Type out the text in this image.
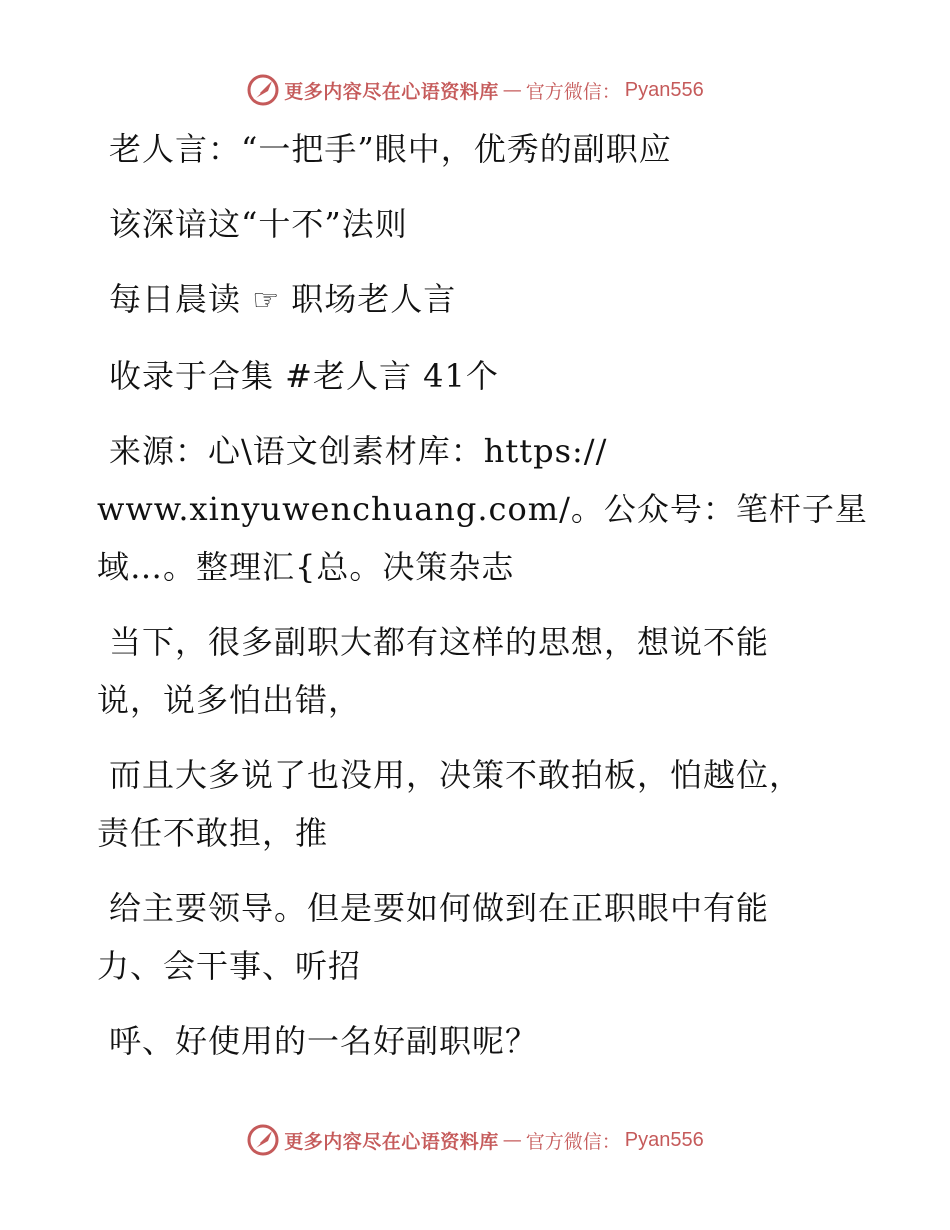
更多内容尽在心语资料库 — 官方微信： Pyan556
老人言：“一把手”眼中，优秀的副职应
该深谙这“十不”法则
每日晨读 ☞ 职场老人言
收录于合集 #老人言 41个
来源：心\语文创素材库：https://
www.xinyuwenchuang.com/。公众号：笔杆子星
域…。整理汇{总。决策杂志
当下，很多副职大都有这样的思想，想说不能
说，说多怕出错，
而且大多说了也没用，决策不敢拍板，怕越位，
责任不敢担，推
给主要领导。但是要如何做到在正职眼中有能
力、会干事、听招
呼、好使用的一名好副职呢？
更多内容尽在心语资料库 — 官方微信： Pyan556
